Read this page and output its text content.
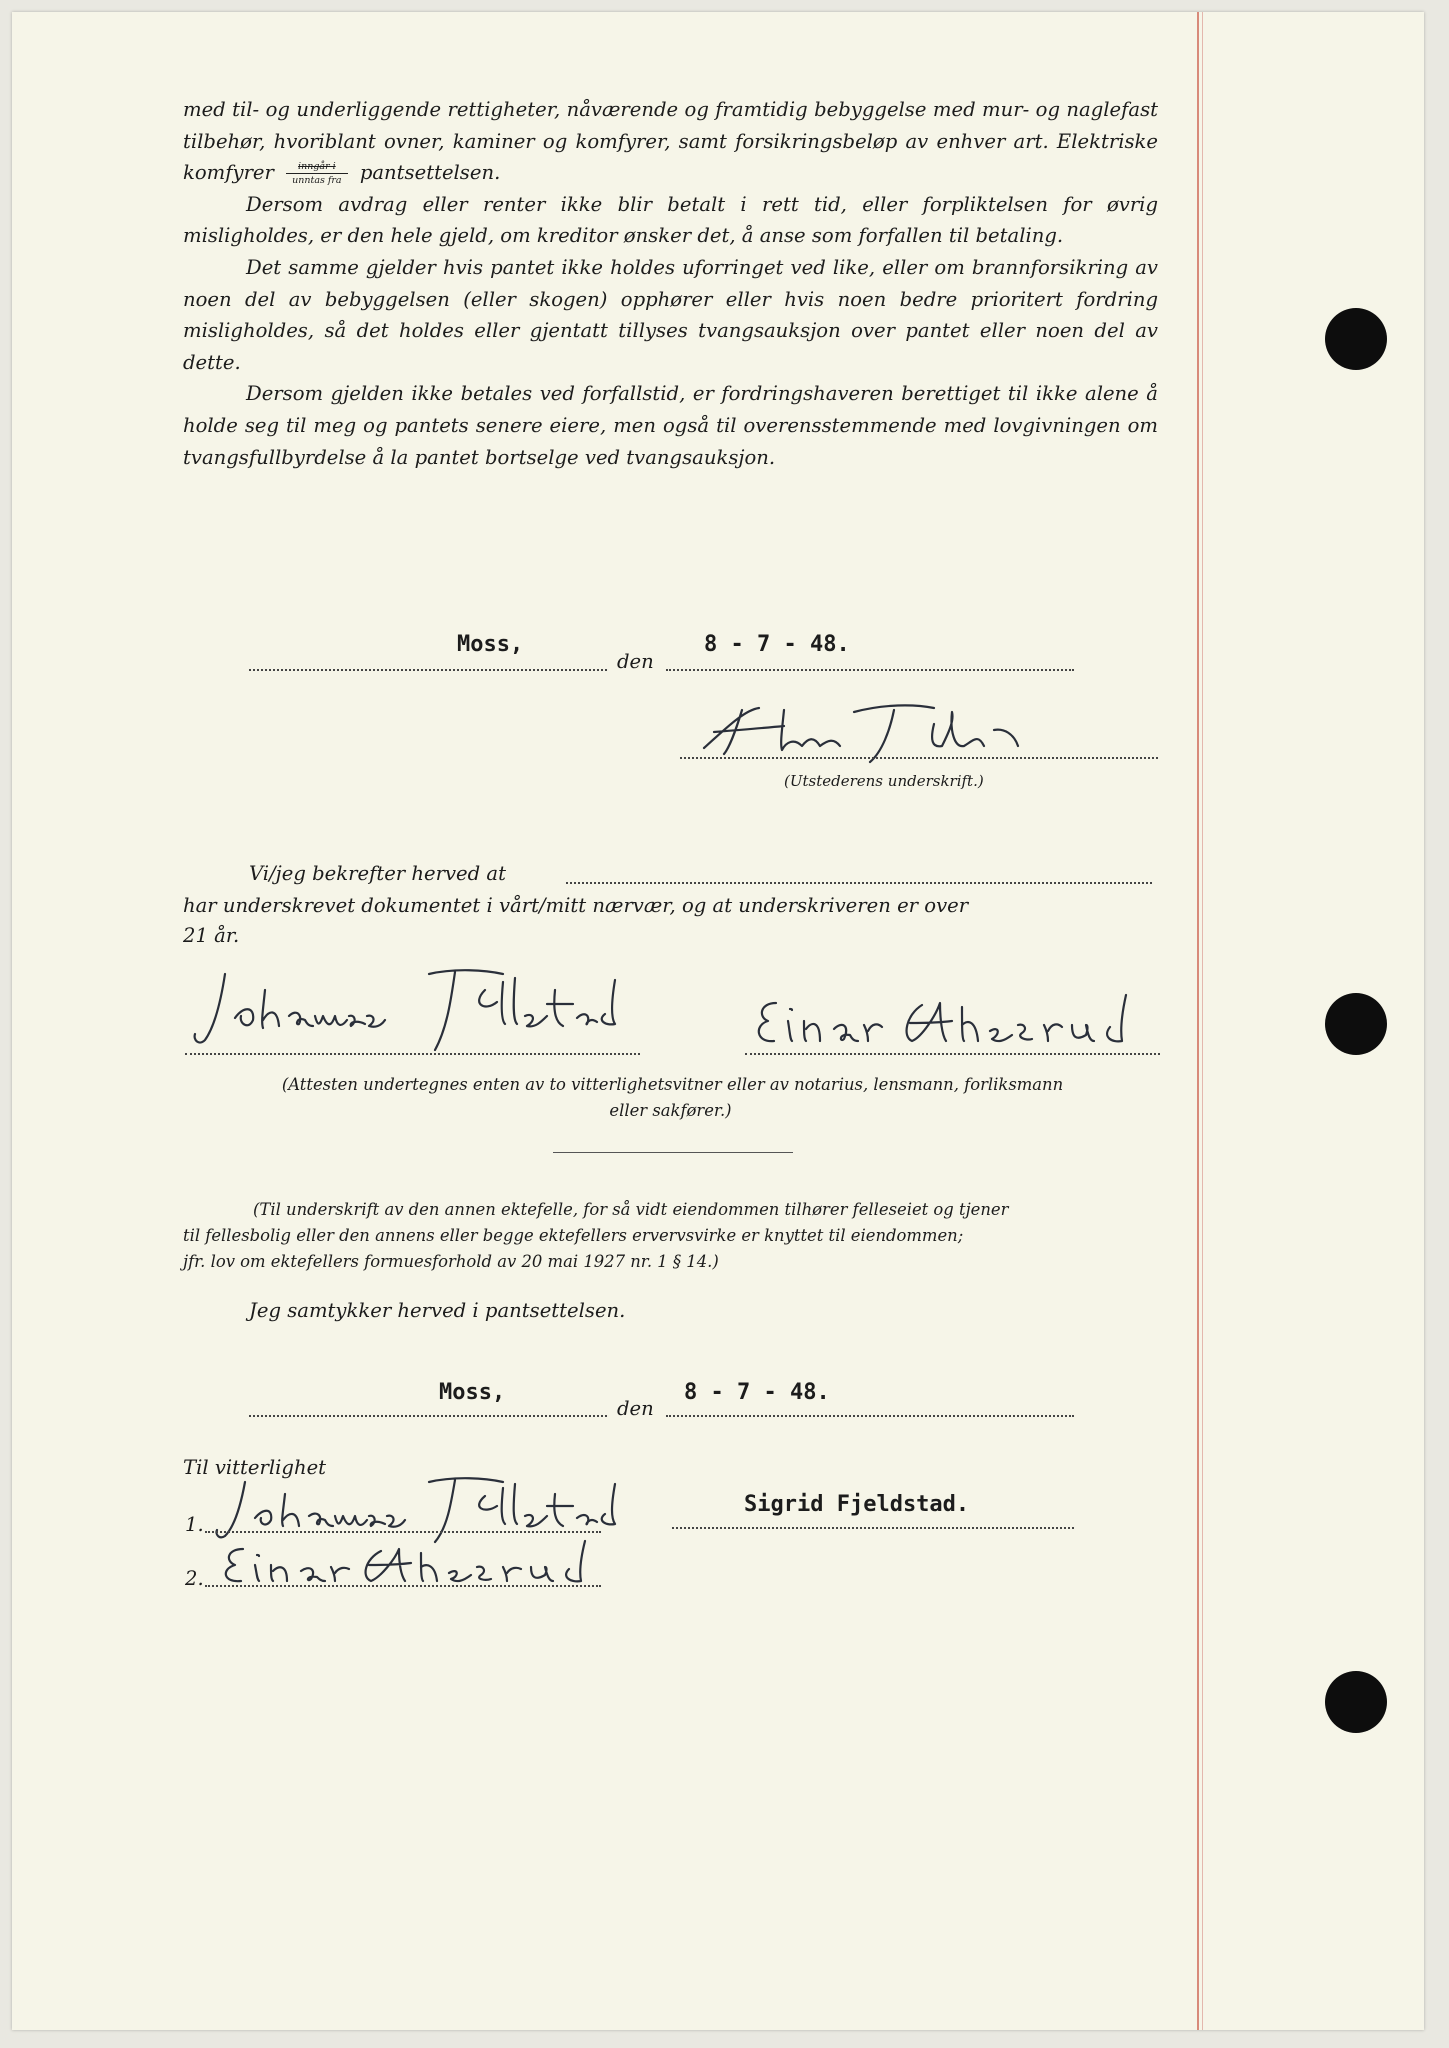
med til- og underliggende rettigheter, nåværende og framtidig bebyggelse med mur- og naglefast tilbehør, hvoriblant ovner, kaminer og komfyrer, samt forsikringsbeløp av enhver art. Elektriske komfyrer $\frac{\text{inngår i}}{\text{unntas fra}}$ pantsettelsen.

Dersom avdrag eller renter ikke blir betalt i rett tid, eller forpliktelsen for øvrig misligholdes, er den hele gjeld, om kreditor ønsker det, å anse som forfallen til betaling.

Det samme gjelder hvis pantet ikke holdes uforringet ved like, eller om brannforsikring av noen del av bebyggelsen (eller skogen) opphører eller hvis noen bedre prioritert fordring misligholdes, så det holdes eller gjentatt tillyses tvangsauksjon over pantet eller noen del av dette.

Dersom gjelden ikke betales ved forfallstid, er fordringshaveren berettiget til ikke alene å holde seg til meg og pantets senere eiere, men også til overensstemmende med lovgivningen om tvangsfullbyrdelse å la pantet bortselge ved tvangsauksjon.

Moss,
den
8 - 7 - 48.
(Utstederens underskrift.)
Vi/jeg bekrefter herved at
har underskrevet dokumentet i vårt/mitt nærvær, og at underskriveren er over
21 år.
(Attesten undertegnes enten av to vitterlighetsvitner eller av notarius, lensmann, forliksmann
eller sakfører.)
(Til underskrift av den annen ektefelle, for så vidt eiendommen tilhører felleseiet og tjener
til fellesbolig eller den annens eller begge ektefellers ervervsvirke er knyttet til eiendommen;
jfr. lov om ektefellers formuesforhold av 20 mai 1927 nr. 1 § 14.)
Jeg samtykker herved i pantsettelsen.
Moss,
den
8 - 7 - 48.
Til vitterlighet
1.
2.
Sigrid Fjeldstad.
